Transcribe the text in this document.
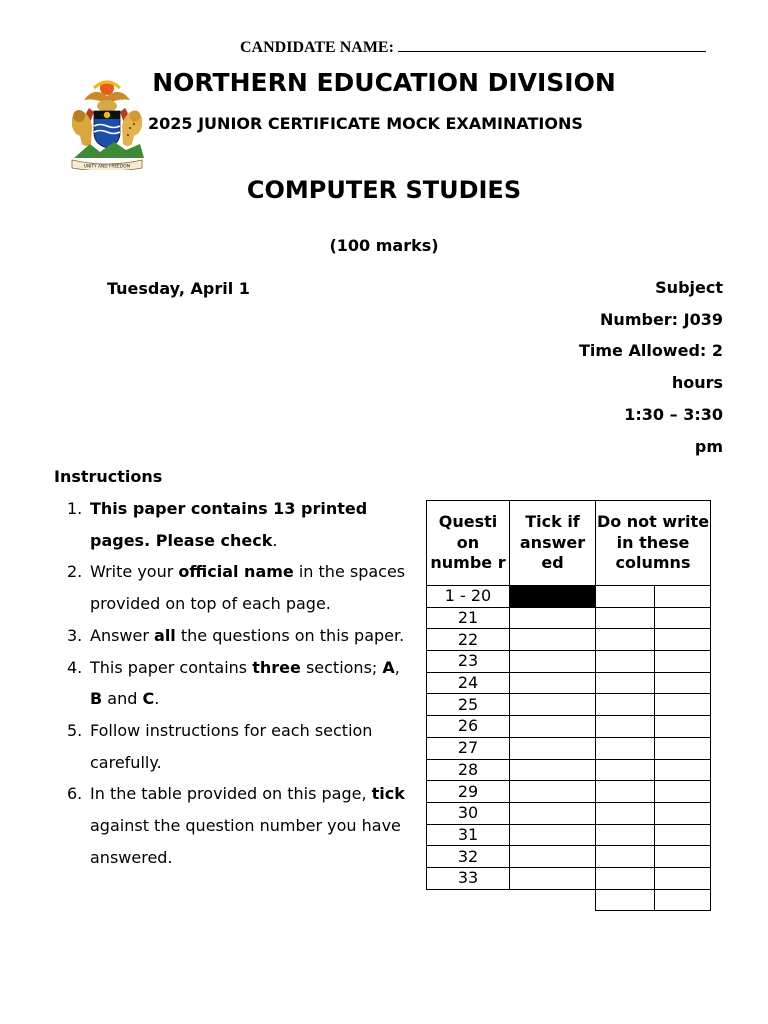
CANDIDATE NAME:
UNITY AND FREEDOM
NORTHERN EDUCATION DIVISION
2025 JUNIOR CERTIFICATE MOCK EXAMINATIONS
COMPUTER STUDIES
(100 marks)
Tuesday, April 1	Subject
Number: J039
Time Allowed: 2
hours
1:30 – 3:30
pm
Instructions
1. This paper contains 13 printed pages. Please check.
2. Write your official name in the spaces provided on top of each page.
3. Answer all the questions on this paper.
4. This paper contains three sections; A, B and C.
5. Follow instructions for each section carefully.
6. In the table provided on this page, tick against the question number you have answered.
Questi on numbe r	Tick if answer ed	Do not write in these columns	
1 - 20			
21			
22			
23			
24			
25			
26			
27			
28			
29			
30			
31			
32			
33			
